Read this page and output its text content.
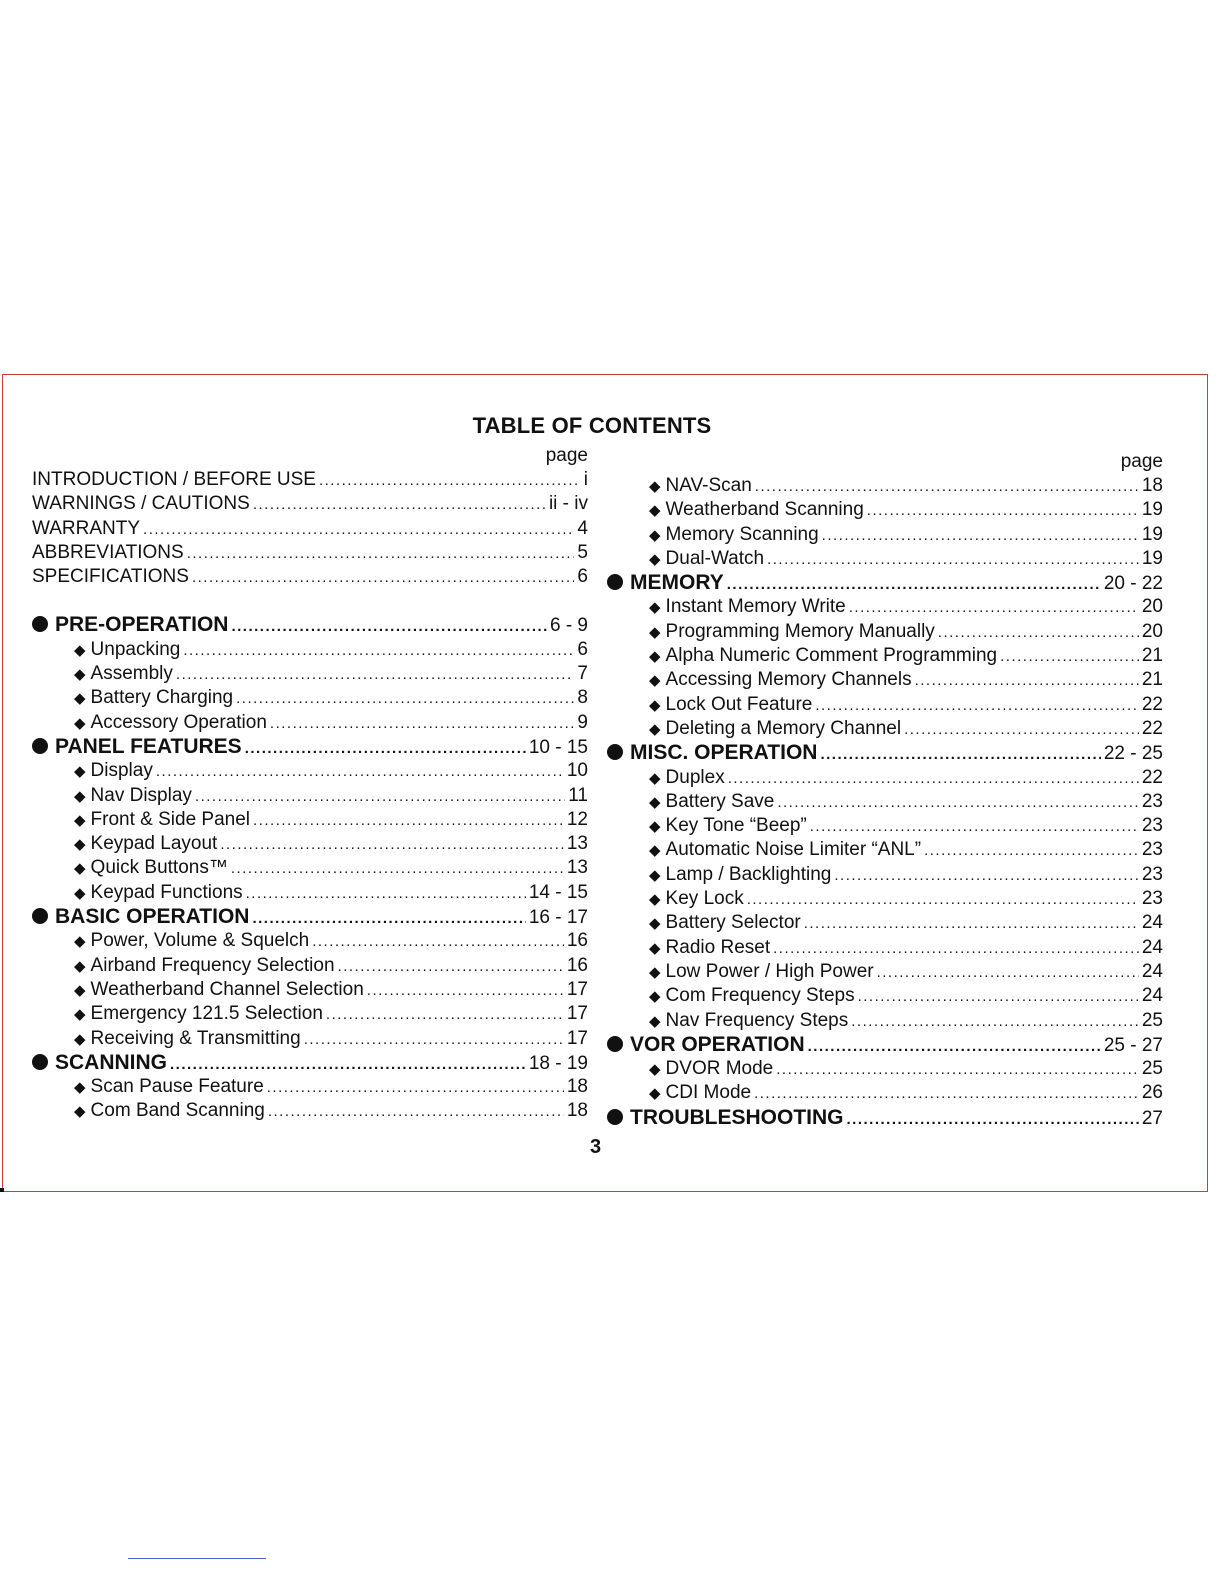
TABLE OF CONTENTS
page
INTRODUCTION / BEFORE USE .....	i
WARNINGS / CAUTIONS .....	ii - iv
WARRANTY .....	4
ABBREVIATIONS .....	5
SPECIFICATIONS .....	6
PRE-OPERATION .....	6 - 9
◆ Unpacking .....	6
◆ Assembly .....	7
◆ Battery Charging .....	8
◆ Accessory Operation .....	9
PANEL FEATURES .....	10 - 15
◆ Display .....	10
◆ Nav Display .....	11
◆ Front & Side Panel .....	12
◆ Keypad Layout .....	13
◆ Quick Buttons™ .....	13
◆ Keypad Functions .....	14 - 15
BASIC OPERATION .....	16 - 17
◆ Power, Volume & Squelch .....	16
◆ Airband Frequency Selection .....	16
◆ Weatherband Channel Selection .....	17
◆ Emergency 121.5 Selection .....	17
◆ Receiving & Transmitting .....	17
SCANNING .....	18 - 19
◆ Scan Pause Feature .....	18
◆ Com Band Scanning .....	18
page
◆ NAV-Scan .....	18
◆ Weatherband Scanning .....	19
◆ Memory Scanning .....	19
◆ Dual-Watch .....	19
MEMORY .....	20 - 22
◆ Instant Memory Write .....	20
◆ Programming Memory Manually .....	20
◆ Alpha Numeric Comment Programming .....	21
◆ Accessing Memory Channels .....	21
◆ Lock Out Feature .....	22
◆ Deleting a Memory Channel .....	22
MISC. OPERATION .....	22 - 25
◆ Duplex .....	22
◆ Battery Save .....	23
◆ Key Tone “Beep” .....	23
◆ Automatic Noise Limiter “ANL” .....	23
◆ Lamp / Backlighting .....	23
◆ Key Lock .....	23
◆ Battery Selector .....	24
◆ Radio Reset .....	24
◆ Low Power / High Power .....	24
◆ Com Frequency Steps .....	24
◆ Nav Frequency Steps .....	25
VOR OPERATION .....	25 - 27
◆ DVOR Mode .....	25
◆ CDI Mode .....	26
TROUBLESHOOTING .....	27
3
